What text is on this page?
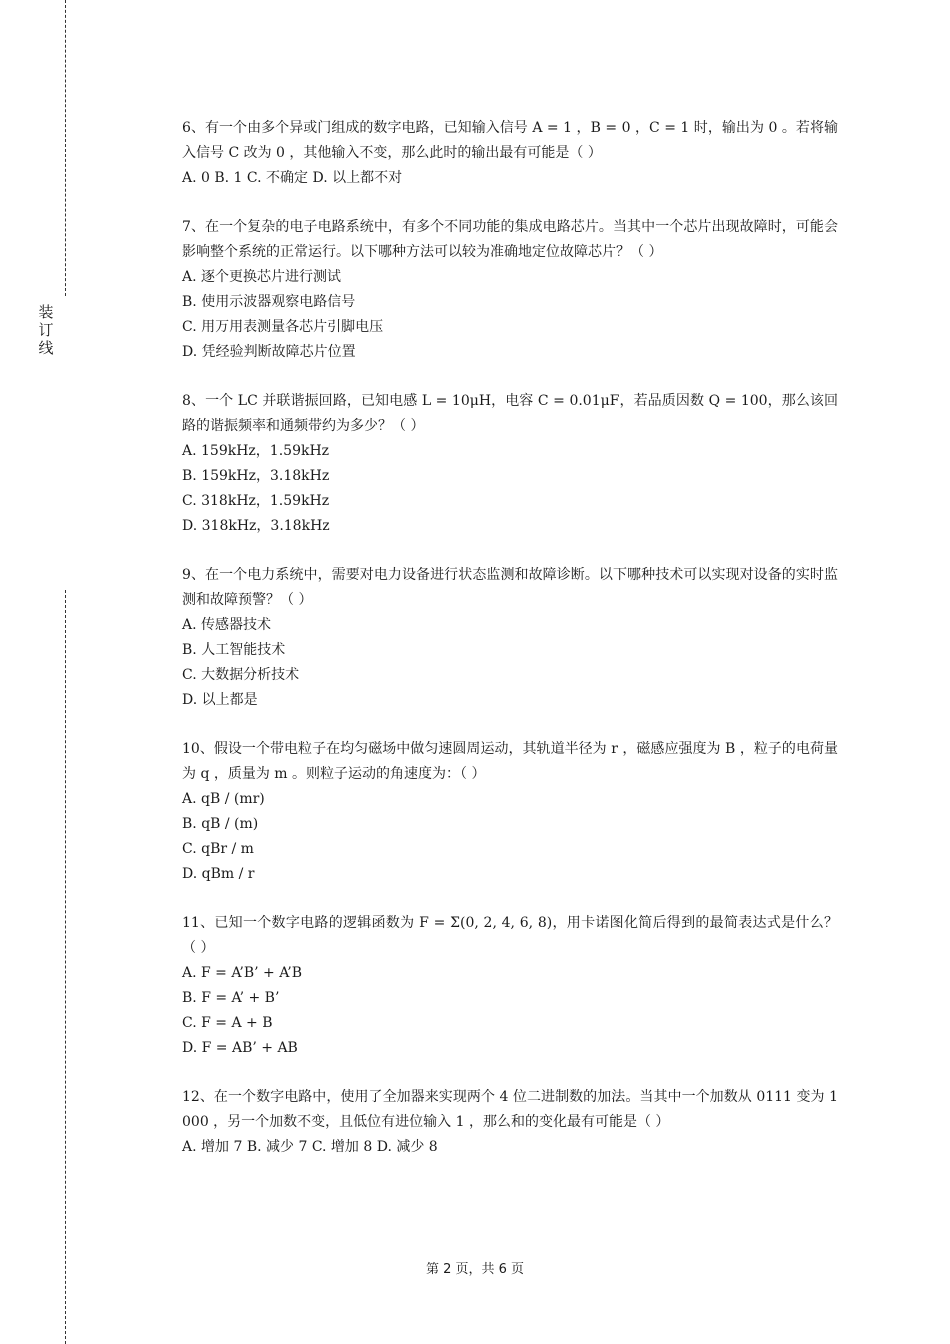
装
订
线
6、有一个由多个异或门组成的数字电路，已知输入信号 A = 1 ，B = 0 ，C = 1 时，输出为 0 。若将输入信号 C 改为 0 ，其他输入不变，那么此时的输出最有可能是（ ）
A. 0 B. 1 C. 不确定 D. 以上都不对
7、在一个复杂的电子电路系统中，有多个不同功能的集成电路芯片。当其中一个芯片出现故障时，可能会影响整个系统的正常运行。以下哪种方法可以较为准确地定位故障芯片？（ ）
A. 逐个更换芯片进行测试
B. 使用示波器观察电路信号
C. 用万用表测量各芯片引脚电压
D. 凭经验判断故障芯片位置
8、一个 LC 并联谐振回路，已知电感 L = 10μH，电容 C = 0.01μF，若品质因数 Q = 100，那么该回路的谐振频率和通频带约为多少？（ ）
A. 159kHz，1.59kHz
B. 159kHz，3.18kHz
C. 318kHz，1.59kHz
D. 318kHz，3.18kHz
9、在一个电力系统中，需要对电力设备进行状态监测和故障诊断。以下哪种技术可以实现对设备的实时监测和故障预警？（ ）
A. 传感器技术
B. 人工智能技术
C. 大数据分析技术
D. 以上都是
10、假设一个带电粒子在均匀磁场中做匀速圆周运动，其轨道半径为 r ，磁感应强度为 B ，粒子的电荷量为 q ，质量为 m 。则粒子运动的角速度为：（ ）
A. qB / (mr)
B. qB / (m)
C. qBr / m
D. qBm / r
11、已知一个数字电路的逻辑函数为 F = Σ(0, 2, 4, 6, 8)，用卡诺图化简后得到的最简表达式是什么？（ ）
A. F = A’B’ + A’B
B. F = A’ + B’
C. F = A + B
D. F = AB’ + AB
12、在一个数字电路中，使用了全加器来实现两个 4 位二进制数的加法。当其中一个加数从 0111 变为 1000 ，另一个加数不变，且低位有进位输入 1 ，那么和的变化最有可能是（ ）
A. 增加 7 B. 减少 7 C. 增加 8 D. 减少 8
第 2 页，共 6 页
